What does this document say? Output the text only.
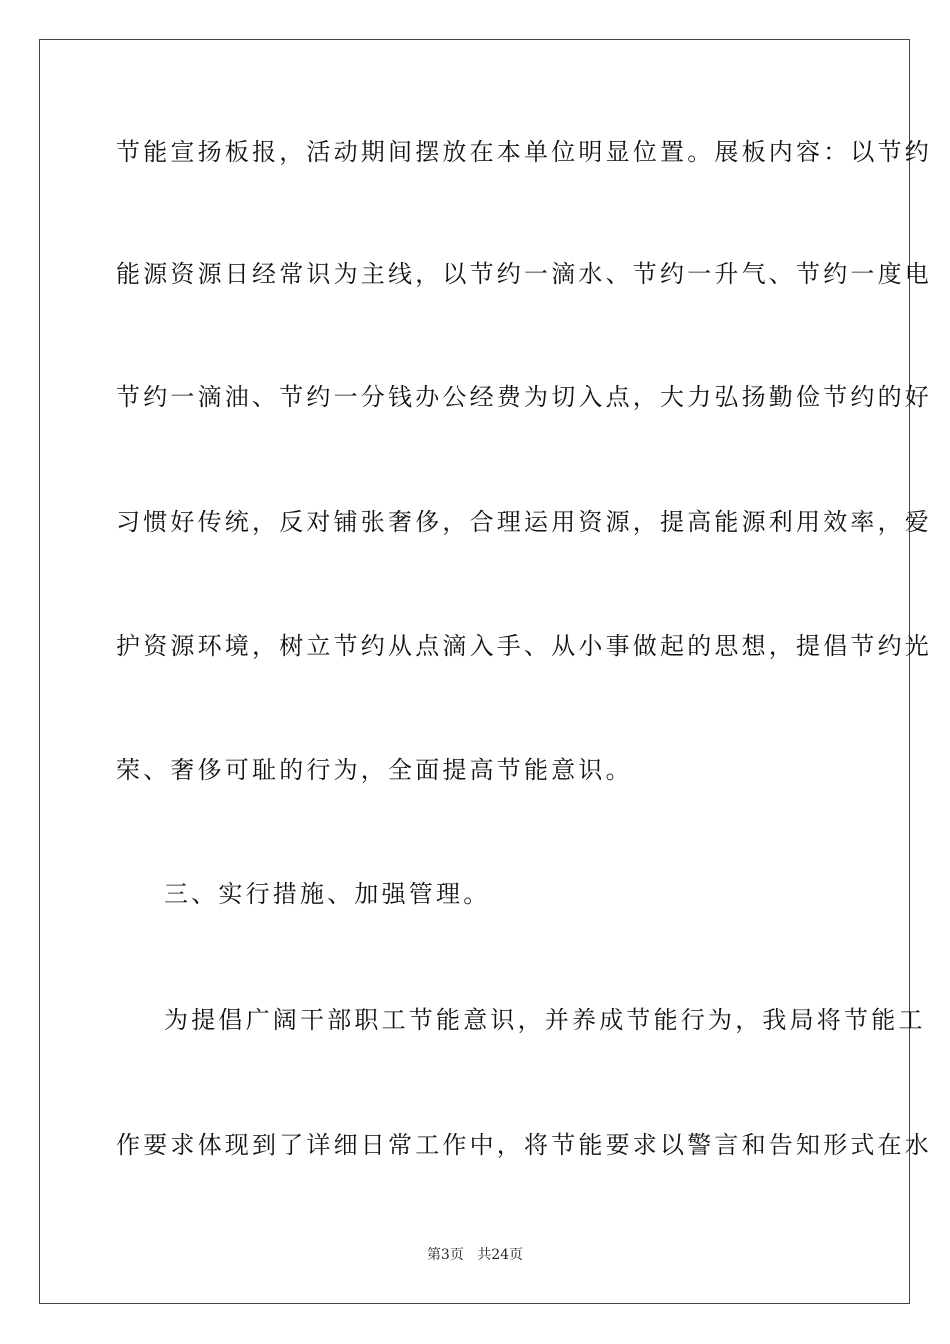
节能宣扬板报，活动期间摆放在本单位明显位置。展板内容：以节约
能源资源日经常识为主线，以节约一滴水、节约一升气、节约一度电
节约一滴油、节约一分钱办公经费为切入点，大力弘扬勤俭节约的好
习惯好传统，反对铺张奢侈，合理运用资源，提高能源利用效率，爱
护资源环境，树立节约从点滴入手、从小事做起的思想，提倡节约光
荣、奢侈可耻的行为，全面提高节能意识。
三、实行措施、加强管理。
为提倡广阔干部职工节能意识，并养成节能行为，我局将节能工
作要求体现到了详细日常工作中，将节能要求以警言和告知形式在水
第3页 共24页
